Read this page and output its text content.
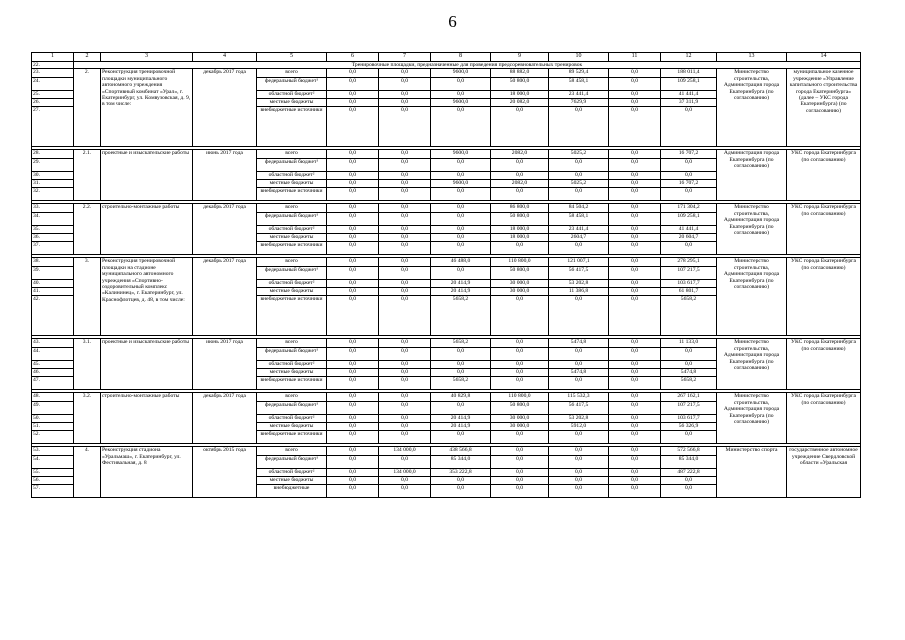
6
1	2	3	4	5	6	7	8	9	10	11	12	13	14
22.	Тренировочные площадки, предназначенные для проведения предсоревновательных тренировок												
23.	2.	Реконструкция тренировочной площадки муниципального автономного учреждения «Спортивный комбинат «Урал», г. Екатеринбург, ул. Комвузовская, д. 9, в том числе:	декабрь 2017 года	всего	0,0	0,0	9600,0	88 882,0	89 529,4	0,0	188 011,4	Министерство строительства, Администрация города Екатеринбурга (по согласованию)	муниципальное казенное учреждение «Управление капитального строительства города Екатеринбурга» (далее – УКС города Екатеринбурга) (по согласованию)
24.				федеральный бюджет¹	0,0	0,0	0,0	50 800,0	58 458,1	0,0	109 258,1		
25.				областной бюджет²	0,0	0,0	0,0	18 000,0	23 441,4	0,0	41 441,4		
26.				местные бюджеты	0,0	0,0	9600,0	20 082,0	7629,9	0,0	37 311,9		
27.				внебюджетные источники	0,0	0,0	0,0	0,0	0,0	0,0	0,0		

28.	2.1.	проектные и изыскательские работы	июнь 2017 года	всего	0,0	0,0	9600,0	2082,0	5025,2	0,0	16 707,2	Администрация города Екатеринбурга (по согласованию)	УКС города Екатеринбурга (по согласованию)
29.				федеральный бюджет¹	0,0	0,0	0,0	0,0	0,0	0,0	0,0		
30.				областной бюджет²	0,0	0,0	0,0	0,0	0,0	0,0	0,0		
31.				местные бюджеты	0,0	0,0	9600,0	2082,0	5025,2	0,0	16 707,2		
32.				внебюджетные источники	0,0	0,0	0,0	0,0	0,0	0,0	0,0		

33.	2.2.	строительно-монтажные работы	декабрь 2017 года	всего	0,0	0,0	0,0	86 800,0	84 504,2	0,0	171 304,2	Министерство строительства, Администрация города Екатеринбурга (по согласованию)	УКС города Екатеринбурга (по согласованию)
34.				федеральный бюджет¹	0,0	0,0	0,0	50 800,0	58 458,1	0,0	109 258,1		
35.				областной бюджет²	0,0	0,0	0,0	18 000,0	23 441,4	0,0	41 441,4		
36.				местные бюджеты	0,0	0,0	0,0	18 000,0	2604,7	0,0	20 604,7		
37.				внебюджетные источники	0,0	0,0	0,0	0,0	0,0	0,0	0,0		

38.	3.	Реконструкция тренировочной площадки на стадионе муниципального автономного учреждения «Спортивно-оздоровительный комплекс «Калининец», г. Екатеринбург, ул. Краснофлотцев, д. 48, в том числе:	декабрь 2017 года	всего	0,0	0,0	46 488,0	110 800,0	121 007,1	0,0	278 295,1	Министерство строительства, Администрация города Екатеринбурга (по согласованию)	УКС города Екатеринбурга (по согласованию)
39.				федеральный бюджет¹	0,0	0,0	0,0	50 800,0	56 417,5	0,0	107 217,5		
40.				областной бюджет²	0,0	0,0	20 414,9	30 000,0	53 202,8	0,0	103 617,7		
41.				местные бюджеты	0,0	0,0	20 414,9	30 000,0	11 386,8	0,0	61 801,7		
42.				внебюджетные источники	0,0	0,0	5658,2	0,0	0,0	0,0	5658,2		

43.	3.1.	проектные и изыскательские работы	июнь 2017 года	всего	0,0	0,0	5658,2	0,0	5474,8	0,0	11 133,0	Министерство строительства, Администрация города Екатеринбурга (по согласованию)	УКС города Екатеринбурга (по согласованию)
44.				федеральный бюджет¹	0,0	0,0	0,0	0,0	0,0	0,0	0,0		
45.				областной бюджет²	0,0	0,0	0,0	0,0	0,0	0,0	0,0		
46.				местные бюджеты	0,0	0,0	0,0	0,0	5474,8	0,0	5474,8		
47.				внебюджетные источники	0,0	0,0	5658,2	0,0	0,0	0,0	5658,2		

48.	3.2.	строительно-монтажные работы	декабрь 2017 года	всего	0,0	0,0	40 829,8	110 800,0	115 532,3	0,0	267 162,1	Министерство строительства, Администрация города Екатеринбурга (по согласованию)	УКС города Екатеринбурга (по согласованию)
49.				федеральный бюджет¹	0,0	0,0	0,0	50 800,0	56 417,5	0,0	107 217,5		
50.				областной бюджет²	0,0	0,0	20 414,9	30 000,0	53 202,8	0,0	103 617,7		
51.				местные бюджеты	0,0	0,0	20 414,9	30 000,0	5912,0	0,0	56 326,9		
52.				внебюджетные источники	0,0	0,0	0,0	0,0	0,0	0,0	0,0		

53.	4.	Реконструкция стадиона «Уральмаш», г. Екатеринбург, ул. Фестивальная, д. 8	октябрь 2015 года	всего	0,0	134 000,0	438 566,8	0,0	0,0	0,0	572 566,8	Министерство спорта	государственное автономное учреждение Свердловской области «Уральская
54.				федеральный бюджет¹	0,0	0,0	85 344,0	0,0	0,0	0,0	85 344,0		
55.				областной бюджет²	0,0	134 000,0	353 222,8	0,0	0,0	0,0	487 222,8		
56.				местные бюджеты	0,0	0,0	0,0	0,0	0,0	0,0	0,0		
57.				внебюджетные	0,0	0,0	0,0	0,0	0,0	0,0	0,0		
